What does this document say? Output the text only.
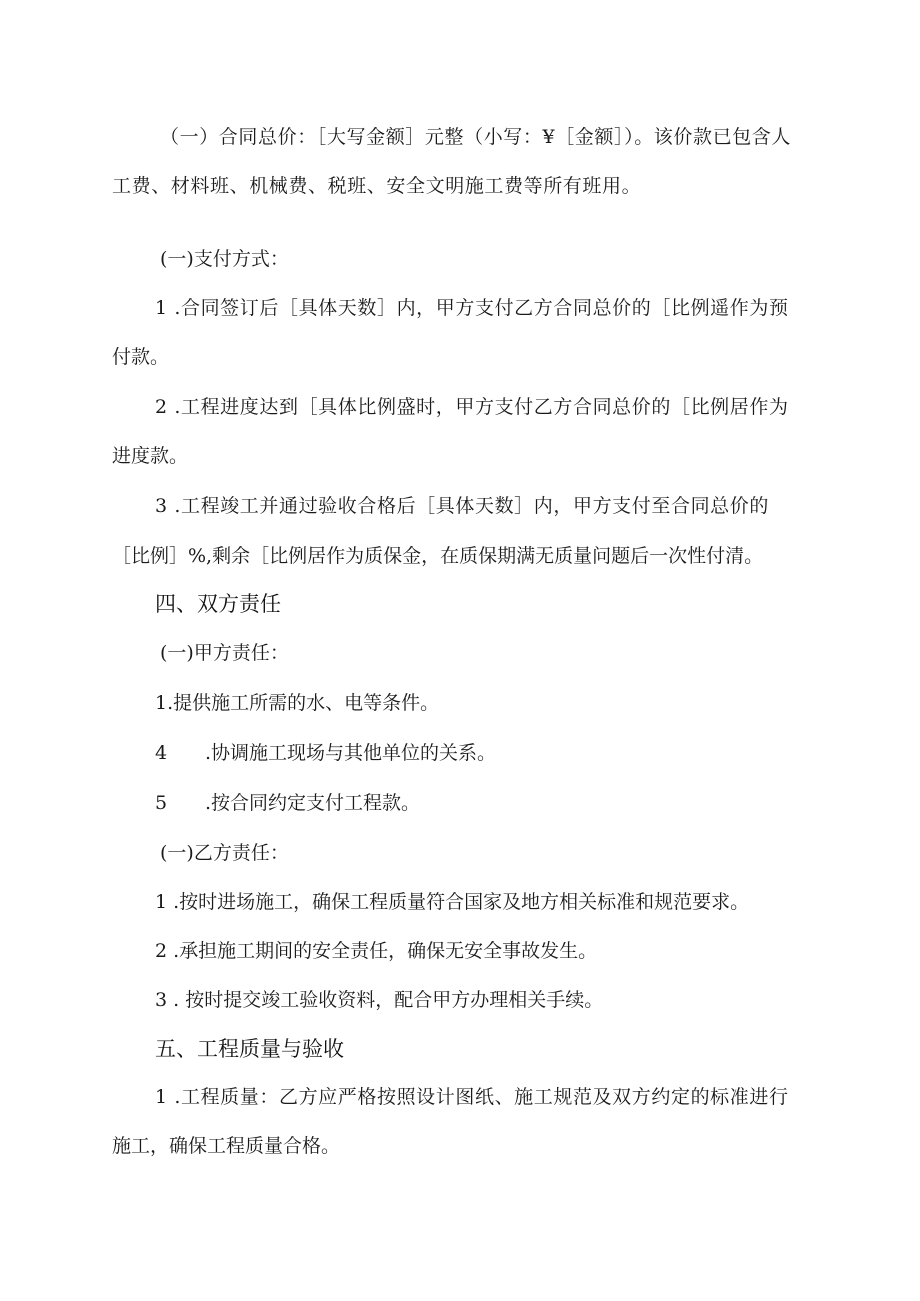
（一）合同总价：［大写金额］元整（小写：¥［金额］）。该价款已包含人
工费、材料班、机械费、税班、安全文明施工费等所有班用。
(一)支付方式：
1 .合同签订后［具体天数］内，甲方支付乙方合同总价的［比例遥作为预
付款。
2 .工程进度达到［具体比例盛时，甲方支付乙方合同总价的［比例居作为
进度款。
3 .工程竣工并通过验收合格后［具体天数］内，甲方支付至合同总价的
［比例］%,剩余［比例居作为质保金，在质保期满无质量问题后一次性付清。
四、双方责任
(一)甲方责任：
1.提供施工所需的水、电等条件。
4 .协调施工现场与其他单位的关系。
5 .按合同约定支付工程款。
(一)乙方责任：
1 .按时进场施工，确保工程质量符合国家及地方相关标准和规范要求。
2 .承担施工期间的安全责任，确保无安全事故发生。
3 . 按时提交竣工验收资料，配合甲方办理相关手续。
五、工程质量与验收
1 .工程质量：乙方应严格按照设计图纸、施工规范及双方约定的标准进行
施工，确保工程质量合格。
